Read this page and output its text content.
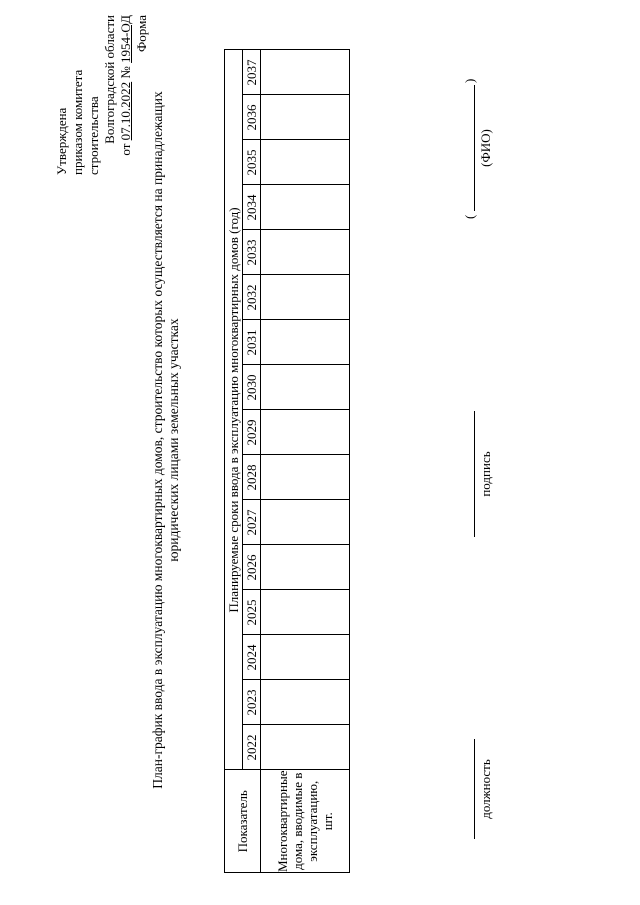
Утверждена приказом комитета строительства Волгоградской области
от 07.10.2022 № 1954-ОД Форма
План-график ввода в эксплуатацию многоквартирных домов, строительство которых осуществляется на принадлежащих юридических лицами земельных участках
Показатель	Планируемые сроки ввода в эксплуатацию многоквартирных домов (год)															
	2022	2023	2024	2025	2026	2027	2028	2029	2030	2031	2032	2033	2034	2035	2036	2037
Многоквартирные дома, вводимые в эксплуатацию, шт.																
должность
подпись
(
(ФИО)
)
